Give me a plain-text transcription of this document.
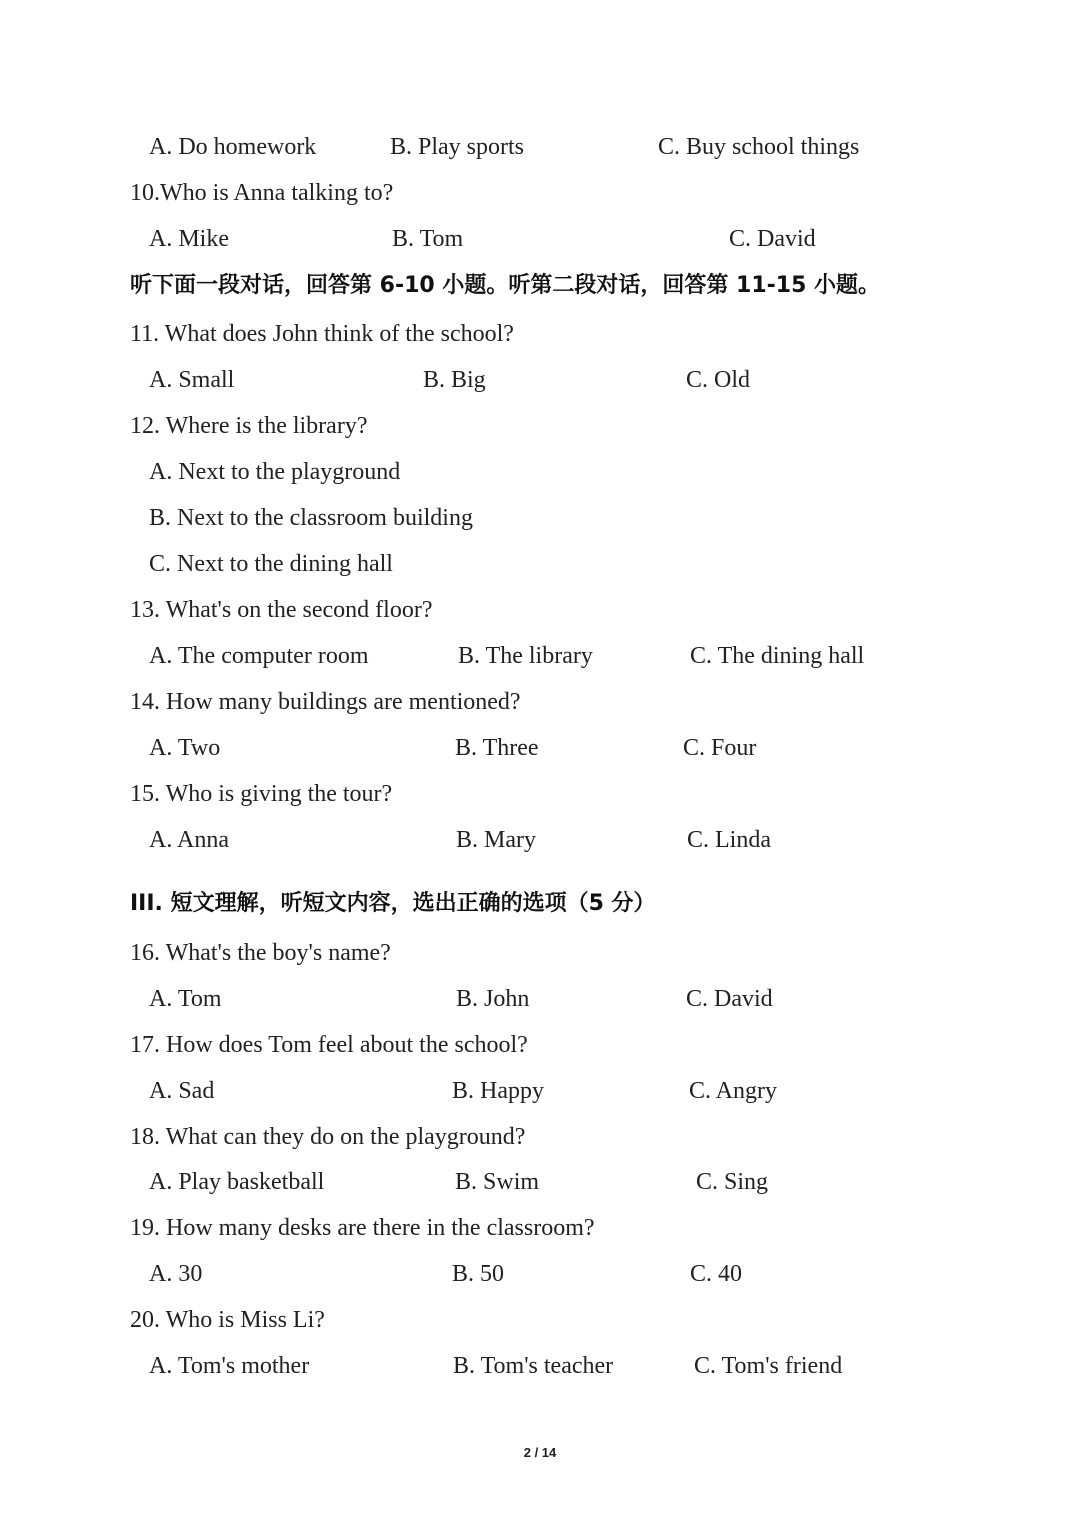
A. Do homework	B. Play sports	C. Buy school things
10.Who is Anna talking to?
A. Mike	B. Tom	C. David
听下面一段对话，回答第 6-10 小题。听第二段对话，回答第 11-15 小题。
11. What does John think of the school?
A. Small	B. Big	C. Old
12. Where is the library?
A. Next to the playground
B. Next to the classroom building
C. Next to the dining hall
13. What's on the second floor?
A. The computer room	B. The library	C. The dining hall
14. How many buildings are mentioned?
A. Two	B. Three	C. Four
15. Who is giving the tour?
A. Anna	B. Mary	C. Linda
III. 短文理解，听短文内容，选出正确的选项（5 分）
16. What's the boy's name?
A. Tom	B. John	C. David
17. How does Tom feel about the school?
A. Sad	B. Happy	C. Angry
18. What can they do on the playground?
A. Play basketball	B. Swim	C. Sing
19. How many desks are there in the classroom?
A. 30	B. 50	C. 40
20. Who is Miss Li?
A. Tom's mother	B. Tom's teacher	C. Tom's friend
2 / 14
